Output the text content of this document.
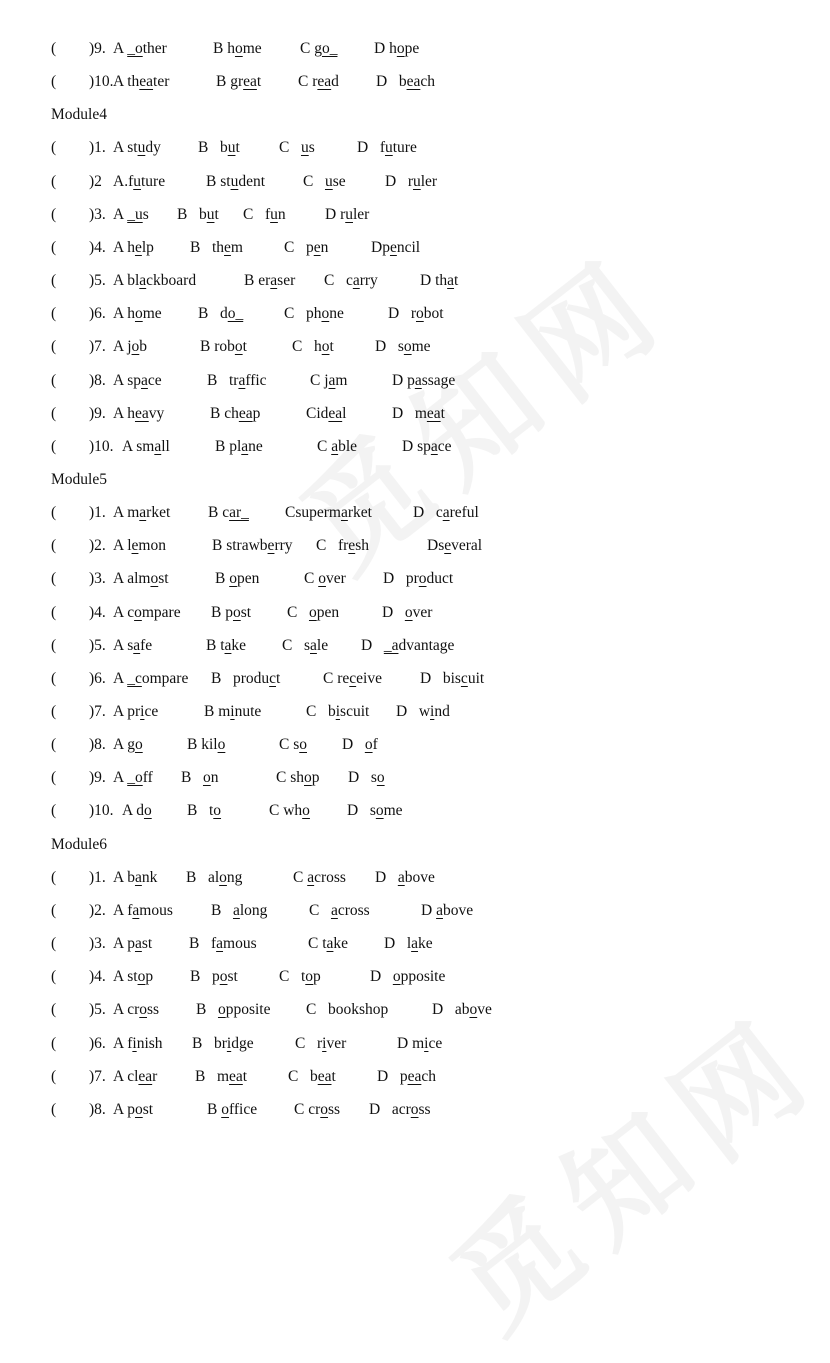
( )9. A _other	B home C go_ D hope
( )10. A theater	B great C read D   beach
Module4
( )1. A study B   but	C   us	D   future
( )2 A.future	B student C   use	D   ruler
( )3. A _us B   but C   fun	D ruler
( )4. A help B   them	C   pen	Dpencil
( )5. A blackboard	B eraser C   carry	D that
( )6. A home B   do_	C   phone	D   robot
( )7. A job	B robot	C   hot	D   some
( )8. A space	B   traffic	C jam	D passage
( )9. A heavy	B cheap	Cideal	D   meat
( )10. A small	B plane	C able	D space
Module5
( )1. A market B car_ Csupermarket	D   careful
( )2. A lemon	B strawberry C   fresh	Dseveral
( )3. A almost	B open	C over D   product
( )4. A compare B post C   open	D   over
( )5. A safe	B take C   sale D   _advantage
( )6. A _compare B   product	C receive D   biscuit
( )7. A price	B minute	C   biscuit D   wind
( )8. A go	B kilo	C so D   of
( )9. A _off B   on	C shop D   so
( )10. A do B   to	C who D   some
Module6
( )1. A bank B   along	C across D   above
( )2. A famous B   along	C   across	D above
( )3. A past B   famous	C take D   lake
( )4. A stop B   post	C   top	D   opposite
( )5. A cross B   opposite C   bookshop	D   above
( )6. A finish B   bridge	C   river	D mice
( )7. A clear B   meat	C   beat	D   peach
( )8. A post	B office C cross D   across
